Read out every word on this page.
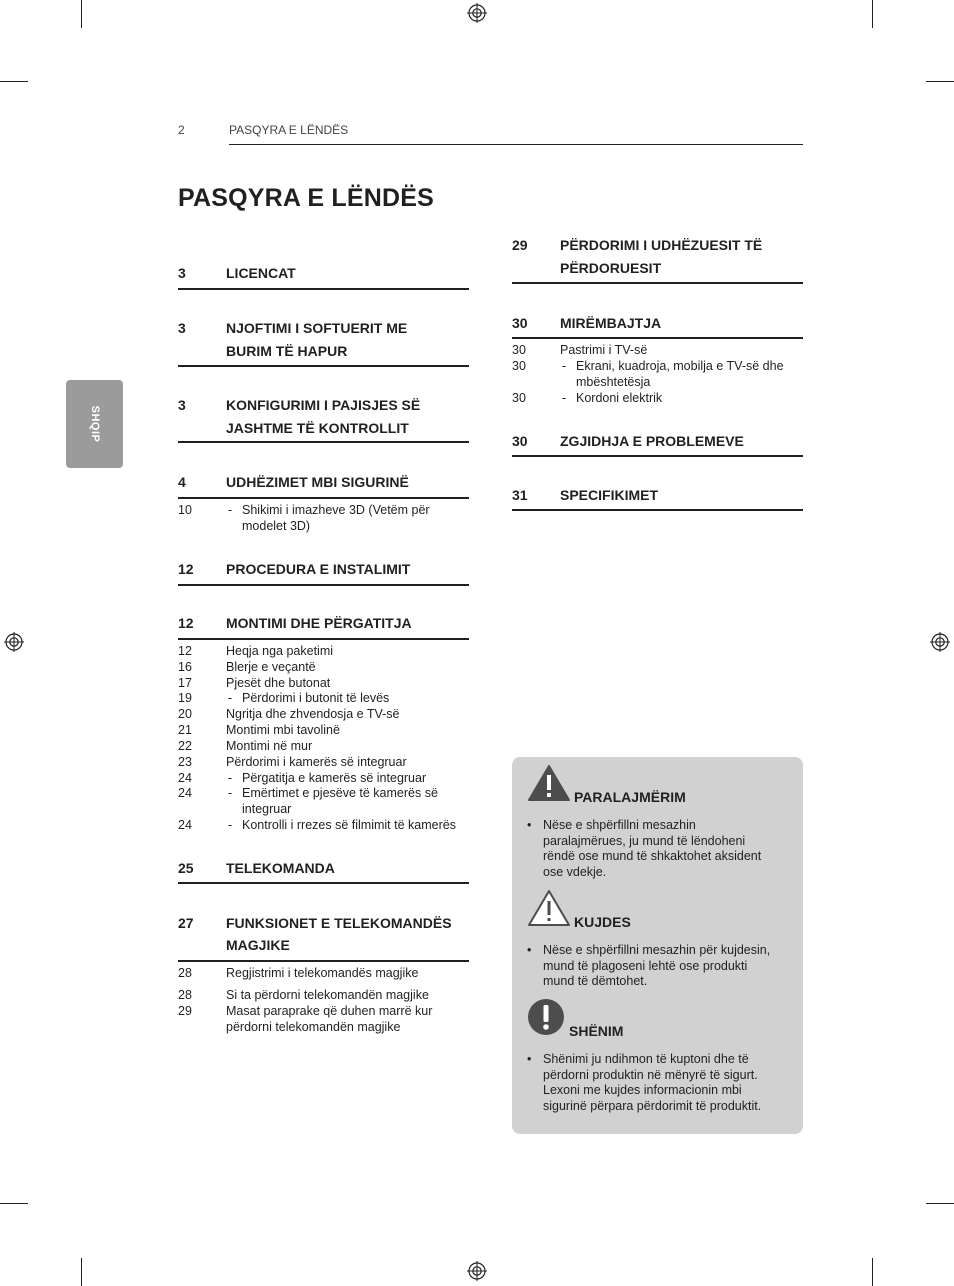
2	PASQYRA E LËNDËS
PASQYRA E LËNDËS
SHQIP
3	LICENCAT
3	NJOFTIMI I SOFTUERIT ME
BURIM TË HAPUR
3	KONFIGURIMI I PAJISJES SË
JASHTME TË KONTROLLIT
4	UDHËZIMET MBI SIGURINË
10	- Shikimi i imazheve 3D (Vetëm për
modelet 3D)
12 PROCEDURA E INSTALIMIT
12 MONTIMI DHE PËRGATITJA
12	Heqja nga paketimi
16	Blerje e veçantë
17	Pjesët dhe butonat
19	- Përdorimi i butonit të levës
20	Ngritja dhe zhvendosja e TV-së
21	Montimi mbi tavolinë
22	Montimi në mur
23	Përdorimi i kamerës së integruar
24	- Përgatitja e kamerës së integruar
24	- Emërtimet e pjesëve të kamerës së
integruar
24	- Kontrolli i rrezes së filmimit të kamerës
25 TELEKOMANDA
27 FUNKSIONET E TELEKOMANDËS
MAGJIKE
28	Regjistrimi i telekomandës magjike
28	Si ta përdorni telekomandën magjike
29	Masat paraprake që duhen marrë kur
përdorni telekomandën magjike
29 PËRDORIMI I UDHËZUESIT TË
PËRDORUESIT
30 MIRËMBAJTJA
30	Pastrimi i TV-së
30	- Ekrani, kuadroja, mobilja e TV-së dhe
mbështetësja
30	- Kordoni elektrik
30 ZGJIDHJA E PROBLEMEVE
31 SPECIFIKIMET
PARALAJMËRIM
• Nëse e shpërfillni mesazhin
paralajmërues, ju mund të lëndoheni
rëndë ose mund të shkaktohet aksident
ose vdekje.
KUJDES
• Nëse e shpërfillni mesazhin për kujdesin,
mund të plagoseni lehtë ose produkti
mund të dëmtohet.
SHËNIM
• Shënimi ju ndihmon të kuptoni dhe të
përdorni produktin në mënyrë të sigurt.
Lexoni me kujdes informacionin mbi
sigurinë përpara përdorimit të produktit.
